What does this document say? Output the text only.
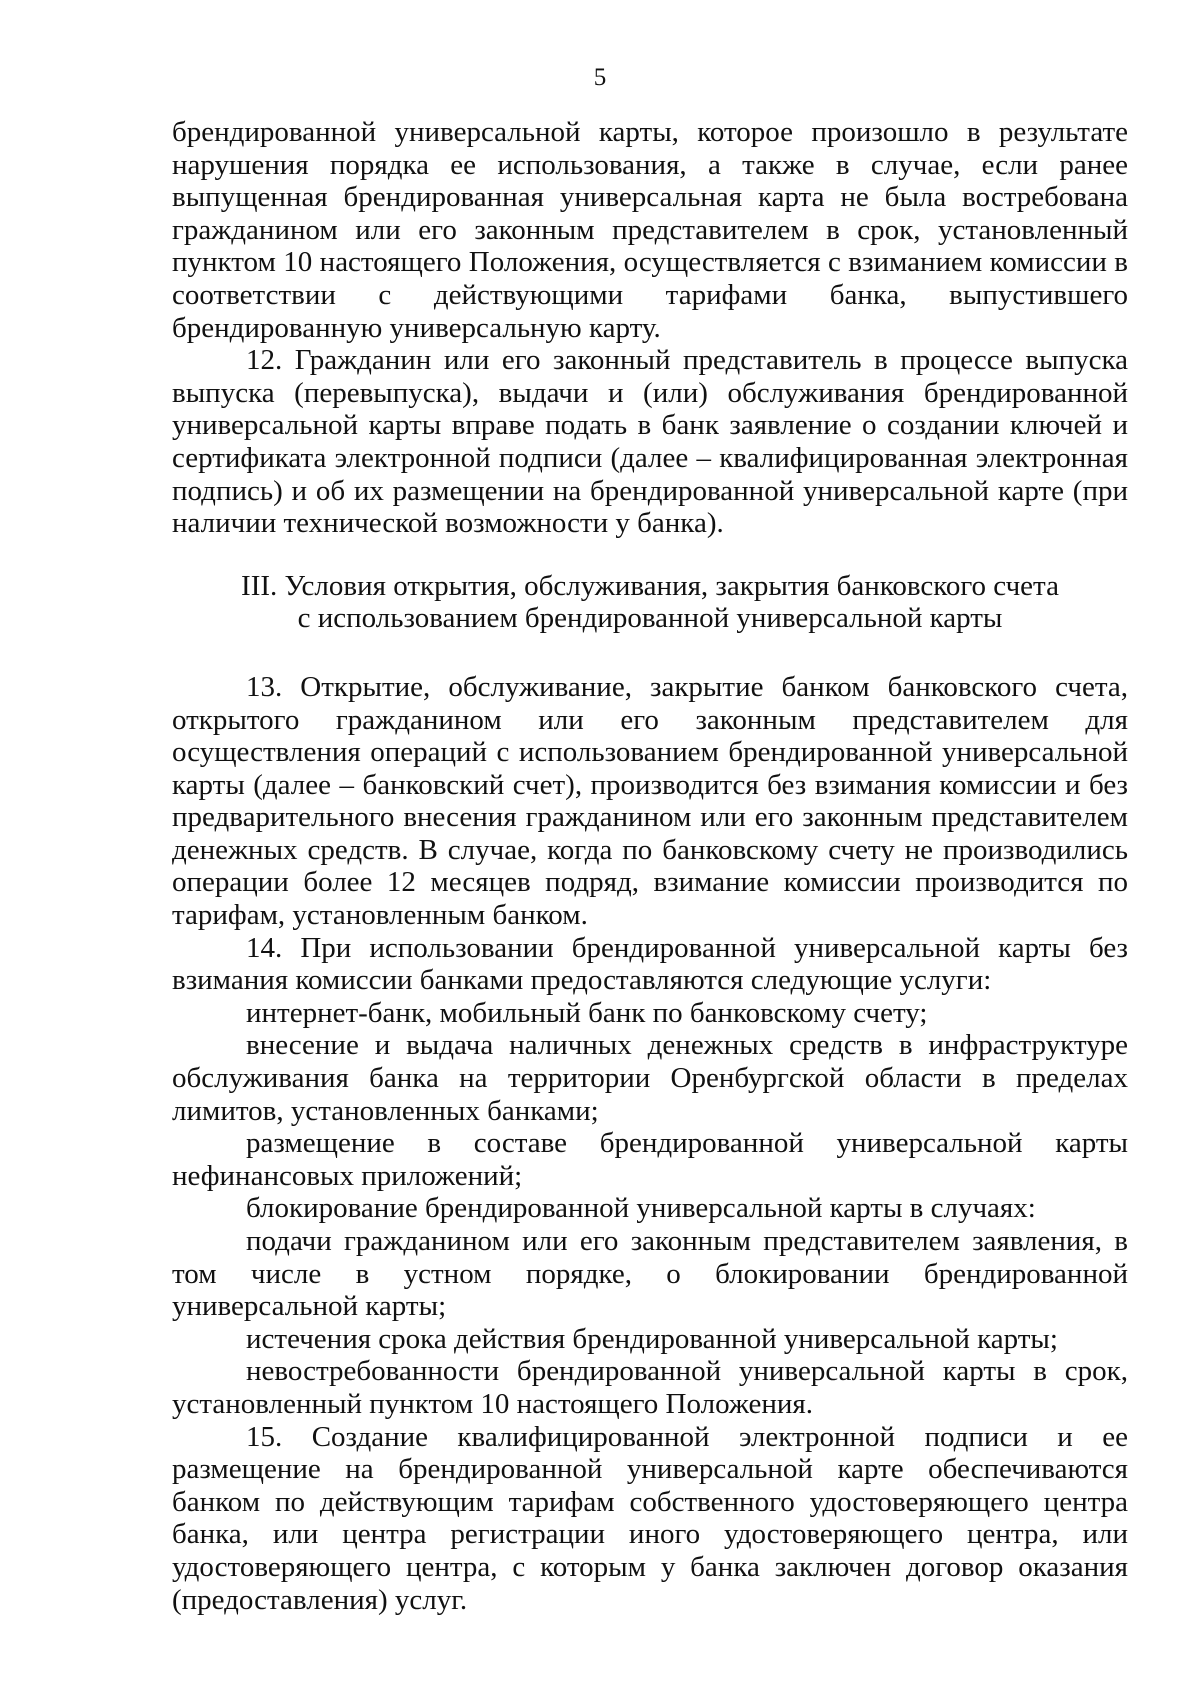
5

брендированной универсальной карты, которое произошло в результате нарушения порядка ее использования, а также в случае, если ранее выпущенная брендированная универсальная карта не была востребована гражданином или его законным представителем в срок, установленный пунктом 10 настоящего Положения, осуществляется с взиманием комиссии в соответствии с действующими тарифами банка, выпустившего брендированную универсальную карту.

12. Гражданин или его законный представитель в процессе выпуска выпуска (перевыпуска), выдачи и (или) обслуживания брендированной универсальной карты вправе подать в банк заявление о создании ключей и сертификата электронной подписи (далее – квалифицированная электронная подпись) и об их размещении на брендированной универсальной карте (при наличии технической возможности у банка).

III. Условия открытия, обслуживания, закрытия банковского счета
с использованием брендированной универсальной карты

13. Открытие, обслуживание, закрытие банком банковского счета, открытого гражданином или его законным представителем для осуществления операций с использованием брендированной универсальной карты (далее – банковский счет), производится без взимания комиссии и без предварительного внесения гражданином или его законным представителем денежных средств. В случае, когда по банковскому счету не производились операции более 12 месяцев подряд, взимание комиссии производится по тарифам, установленным банком.

14. При использовании брендированной универсальной карты без взимания комиссии банками предоставляются следующие услуги:

интернет-банк, мобильный банк по банковскому счету;

внесение и выдача наличных денежных средств в инфраструктуре обслуживания банка на территории Оренбургской области в пределах лимитов, установленных банками;

размещение в составе брендированной универсальной карты нефинансовых приложений;

блокирование брендированной универсальной карты в случаях:

подачи гражданином или его законным представителем заявления, в том числе в устном порядке, о блокировании брендированной универсальной карты;

истечения срока действия брендированной универсальной карты;

невостребованности брендированной универсальной карты в срок, установленный пунктом 10 настоящего Положения.

15. Создание квалифицированной электронной подписи и ее размещение на брендированной универсальной карте обеспечиваются банком по действующим тарифам собственного удостоверяющего центра банка, или центра регистрации иного удостоверяющего центра, или удостоверяющего центра, с которым у банка заключен договор оказания (предоставления) услуг.
